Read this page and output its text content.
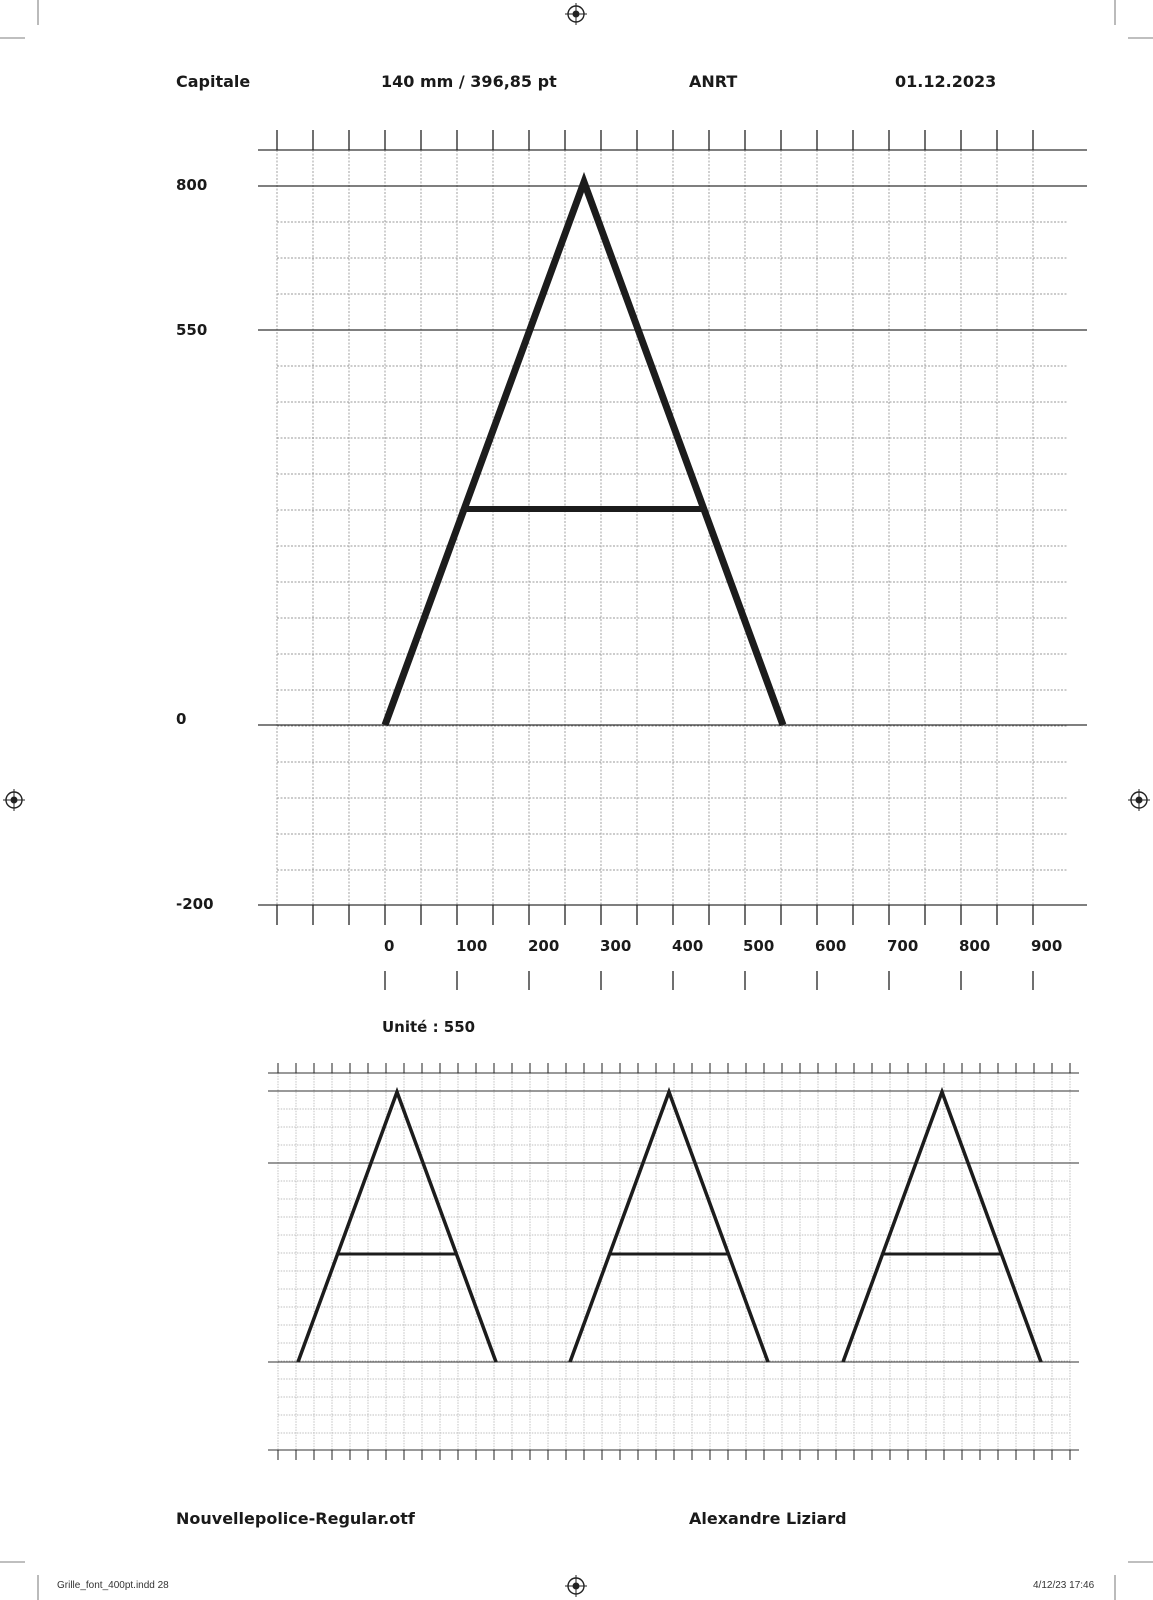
Capitale	140 mm / 396,85 pt	ANRT	01.12.2023
800
550
0
-200
0	100	200	300	400	500	600	700	800	900
Unité : 550
Nouvellepolice-Regular.otf	Alexandre Liziard
Grille_font_400pt.indd 28	4/12/23 17:46
